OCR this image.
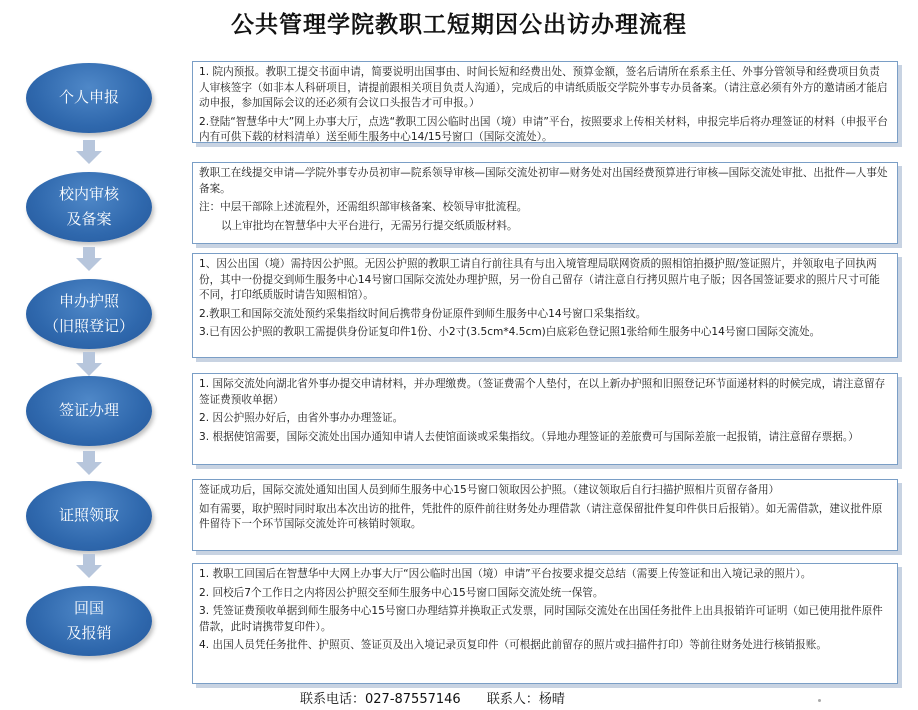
公共管理学院教职工短期因公出访办理流程
个人申报

1. 院内预报。教职工提交书面申请，简要说明出国事由、时间长短和经费出处、预算金额，签名后请所在系系主任、外事分管领导和经费项目负责人审核签字（如非本人科研项目，请提前跟相关项目负责人沟通），完成后的申请纸质版交学院外事专办员备案。（请注意必须有外方的邀请函才能启动申报，参加国际会议的还必须有会议口头报告才可申报。）

2.登陆“智慧华中大”网上办事大厅，点选“教职工因公临时出国（境）申请”平台，按照要求上传相关材料，申报完毕后将办理签证的材料（申报平台内有可供下载的材料清单）送至师生服务中心14/15号窗口（国际交流处）。

校内审核
及备案

教职工在线提交申请—学院外事专办员初审—院系领导审核—国际交流处初审—财务处对出国经费预算进行审核—国际交流处审批、出批件—人事处备案。

注：中层干部除上述流程外，还需组织部审核备案、校领导审批流程。

以上审批均在智慧华中大平台进行，无需另行提交纸质版材料。

申办护照
（旧照登记）

1、因公出国（境）需持因公护照。无因公护照的教职工请自行前往具有与出入境管理局联网资质的照相馆拍摄护照/签证照片，并领取电子回执两份，其中一份提交到师生服务中心14号窗口国际交流处办理护照，另一份自己留存（请注意自行拷贝照片电子版；因各国签证要求的照片尺寸可能不同，打印纸质版时请告知照相馆）。

2.教职工和国际交流处预约采集指纹时间后携带身份证原件到师生服务中心14号窗口采集指纹。

3.已有因公护照的教职工需提供身份证复印件1份、小2寸(3.5cm*4.5cm)白底彩色登记照1张给师生服务中心14号窗口国际交流处。

签证办理

1. 国际交流处向湖北省外事办提交申请材料，并办理缴费。（签证费需个人垫付，在以上新办护照和旧照登记环节面递材料的时候完成，请注意留存签证费预收单据）

2. 因公护照办好后，由省外事办办理签证。

3. 根据使馆需要，国际交流处出国办通知申请人去使馆面谈或采集指纹。（异地办理签证的差旅费可与国际差旅一起报销，请注意留存票据。）

证照领取

签证成功后，国际交流处通知出国人员到师生服务中心15号窗口领取因公护照。（建议领取后自行扫描护照相片页留存备用）

如有需要，取护照时同时取出本次出访的批件，凭批件的原件前往财务处办理借款（请注意保留批件复印件供日后报销）。如无需借款，建议批件原件留待下一个环节国际交流处许可核销时领取。

回国
及报销

1. 教职工回国后在智慧华中大网上办事大厅“因公临时出国（境）申请”平台按要求提交总结（需要上传签证和出入境记录的照片）。

2. 回校后7个工作日之内将因公护照交至师生服务中心15号窗口国际交流处统一保管。

3. 凭签证费预收单据到师生服务中心15号窗口办理结算并换取正式发票，同时国际交流处在出国任务批件上出具报销许可证明（如已使用批件原件借款，此时请携带复印件）。

4. 出国人员凭任务批件、护照页、签证页及出入境记录页复印件（可根据此前留存的照片或扫描件打印）等前往财务处进行核销报账。

联系电话：027-87557146 联系人：杨晴
